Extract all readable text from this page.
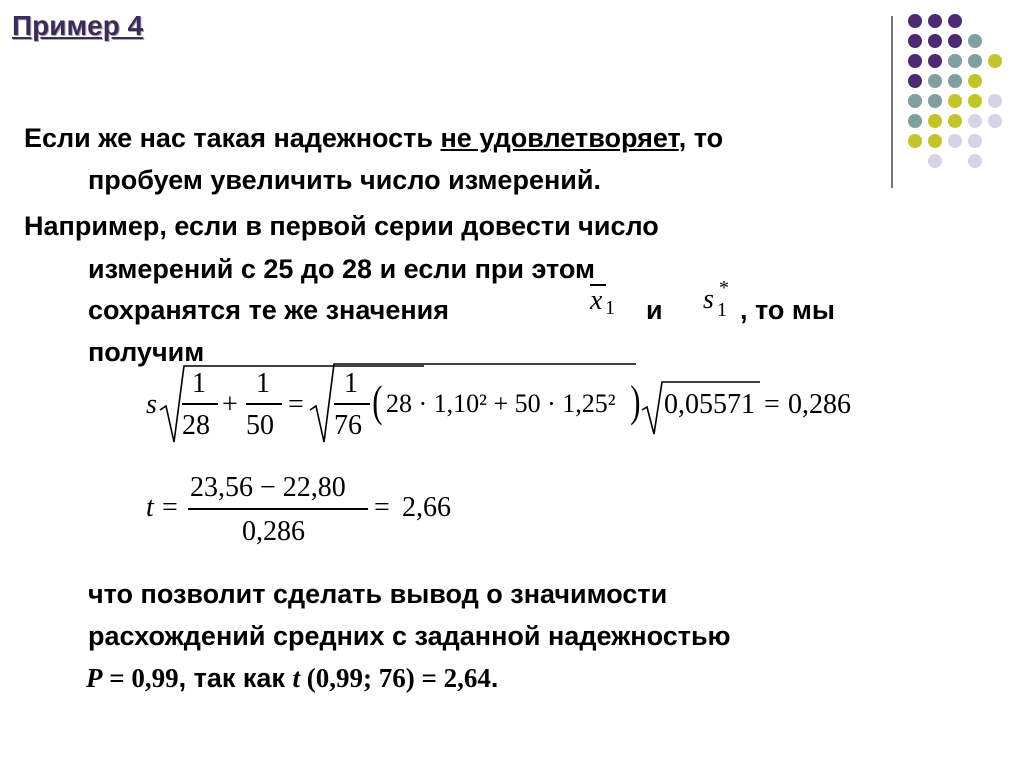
Пример 4
Если же нас такая надежность не удовлетворяет, то
пробуем увеличить число измерений.
Например, если в первой серии довести число
измерений с 25 до 28 и если при этом
сохранятся те же значения	x 1 и
*
s 1 , то мы
получим
s
1
28
+
1
50
=
1
76 ( 28 · 1,10² + 50 · 1,25² ) 0,05571 = 0,286
t =
23,56 − 22,80
0,286
= 2,66
что позволит сделать вывод о значимости
расхождений средних с заданной надежностью
P = 0,99, так как t (0,99; 76) = 2,64.
